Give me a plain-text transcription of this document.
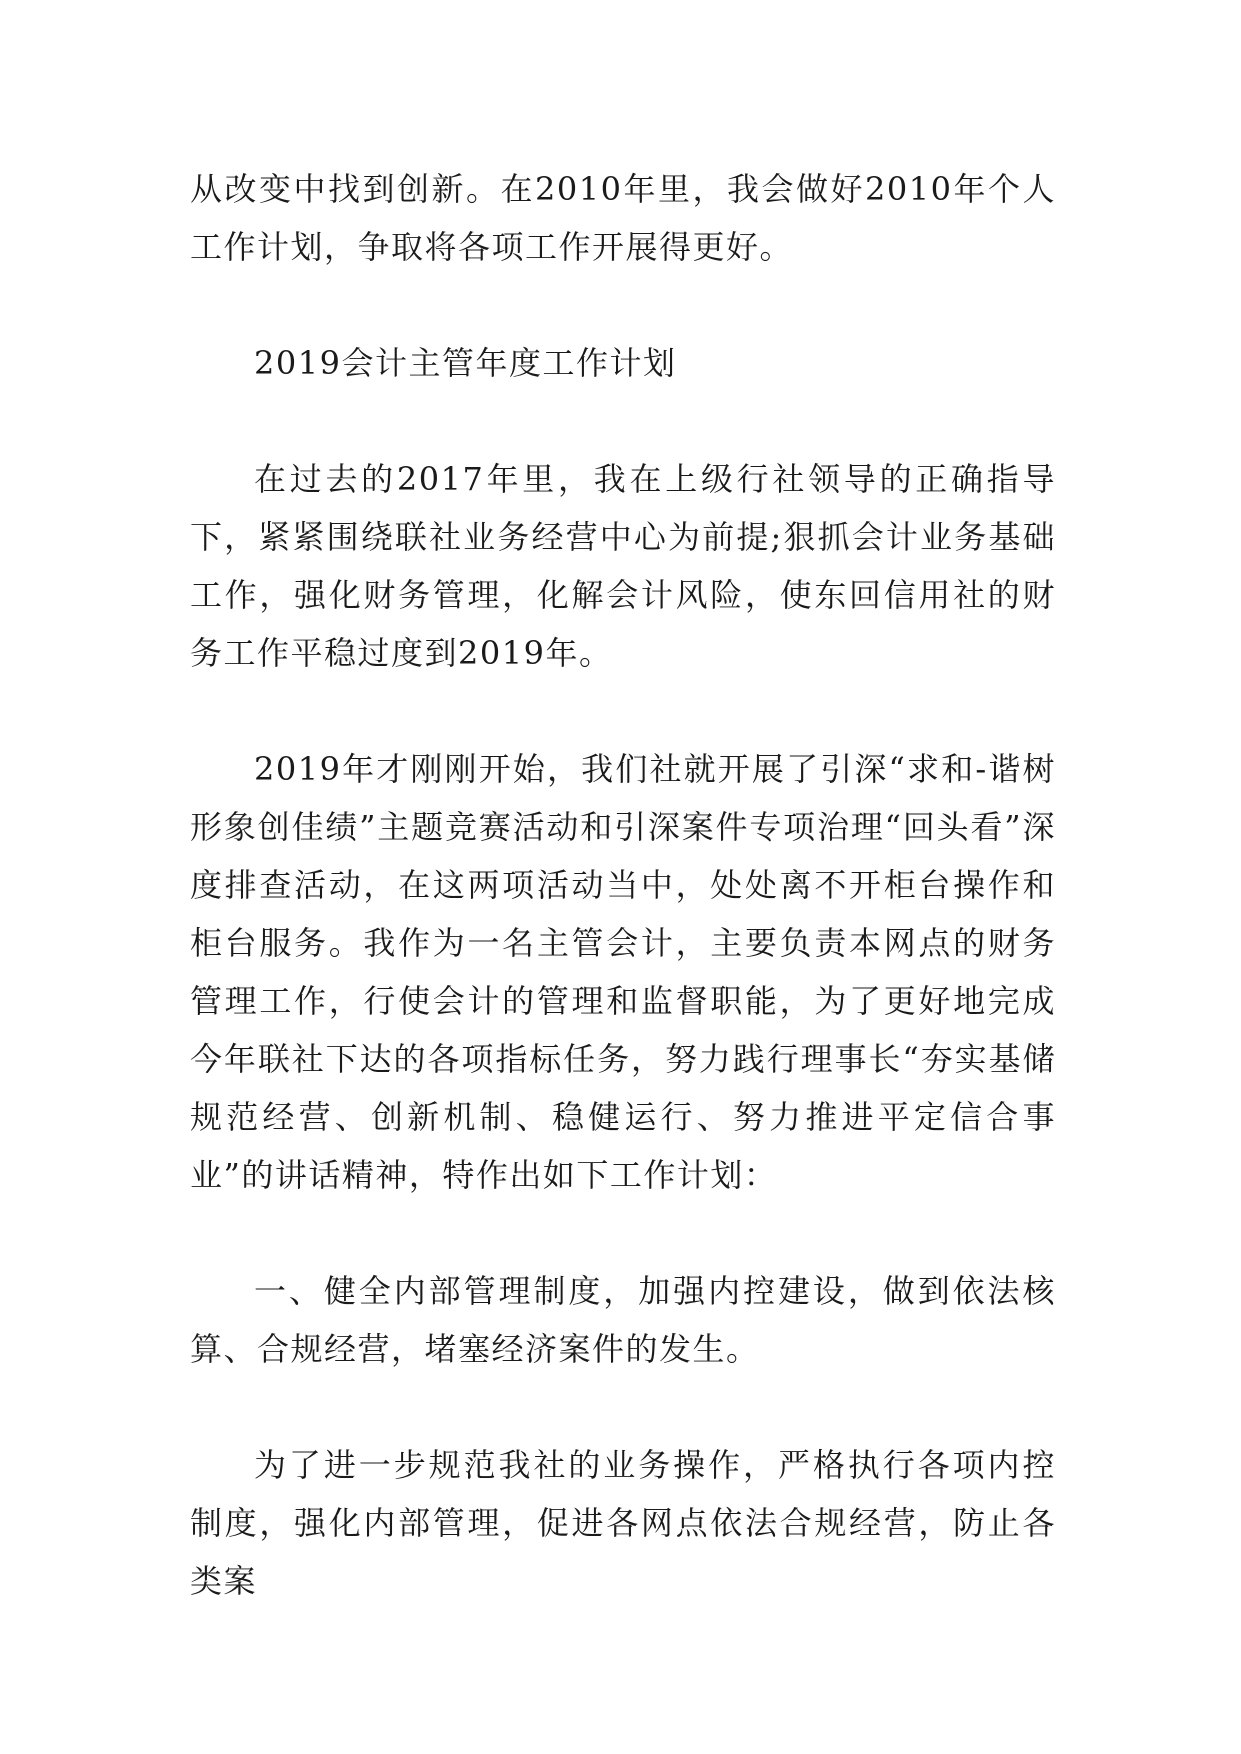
从改变中找到创新。在2010年里，我会做好2010年个人工作计划，争取将各项工作开展得更好。

2019会计主管年度工作计划

在过去的2017年里，我在上级行社领导的正确指导下，紧紧围绕联社业务经营中心为前提;狠抓会计业务基础工作，强化财务管理，化解会计风险，使东回信用社的财务工作平稳过度到2019年。

2019年才刚刚开始，我们社就开展了引深“求和-谐树形象创佳绩”主题竞赛活动和引深案件专项治理“回头看”深度排查活动，在这两项活动当中，处处离不开柜台操作和柜台服务。我作为一名主管会计，主要负责本网点的财务管理工作，行使会计的管理和监督职能，为了更好地完成今年联社下达的各项指标任务，努力践行理事长“夯实基储规范经营、创新机制、稳健运行、努力推进平定信合事业”的讲话精神，特作出如下工作计划：

一、健全内部管理制度，加强内控建设，做到依法核算、合规经营，堵塞经济案件的发生。

为了进一步规范我社的业务操作，严格执行各项内控制度，强化内部管理，促进各网点依法合规经营，防止各类案
